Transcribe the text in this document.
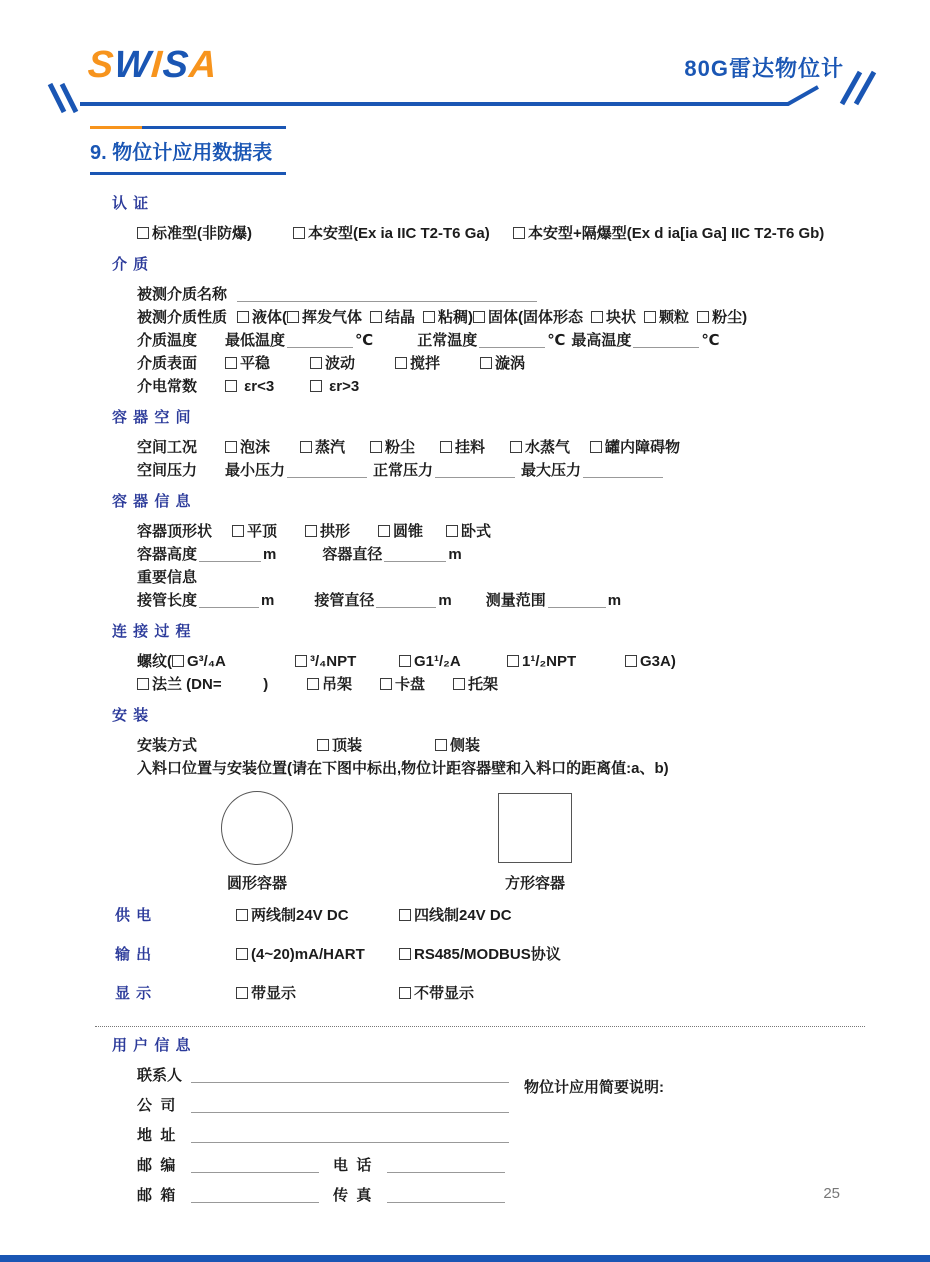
SWISA	80G雷达物位计
9. 物位计应用数据表
认 证
标准型(非防爆)	本安型(Ex ia IIC T2-T6 Ga)	本安型+隔爆型(Ex d ia[ia Ga] IIC T2-T6 Gb)
介 质
被测介质名称
被测介质性质 液体( 挥发气体 结晶 粘稠) 固体(固体形态 块状 颗粒 粉尘)
介质温度 最低温度	℃	正常温度	℃ 最高温度	℃
介质表面	平稳	波动	搅拌	漩涡
介电常数	εr<3	εr>3
容 器 空 间
空间工况	泡沫	蒸汽	粉尘	挂料	水蒸气 罐内障碍物
空间压力 最小压力	正常压力	最大压力
容 器 信 息
容器顶形状 平顶	拱形	圆锥	卧式
容器高度	m	容器直径	m
重要信息
接管长度	m	接管直径	m 测量范围	m
连 接 过 程
螺纹( G³/₄A	³/₄NPT	G1¹/₂A	1¹/₂NPT	G3A)
法兰 (DN=          )	吊架	卡盘	托架
安 装
安装方式	顶装	侧装
入料口位置与安装位置(请在下图中标出,物位计距容器壁和入料口的距离值:a、b)
圆形容器	方形容器
供 电	两线制24V DC	四线制24V DC
输 出	(4~20)mA/HART	RS485/MODBUS协议
显 示	带显示	不带显示
用 户 信 息
联系人
公  司
地  址
邮  编	电  话
邮  箱	传  真
物位计应用简要说明:
25
